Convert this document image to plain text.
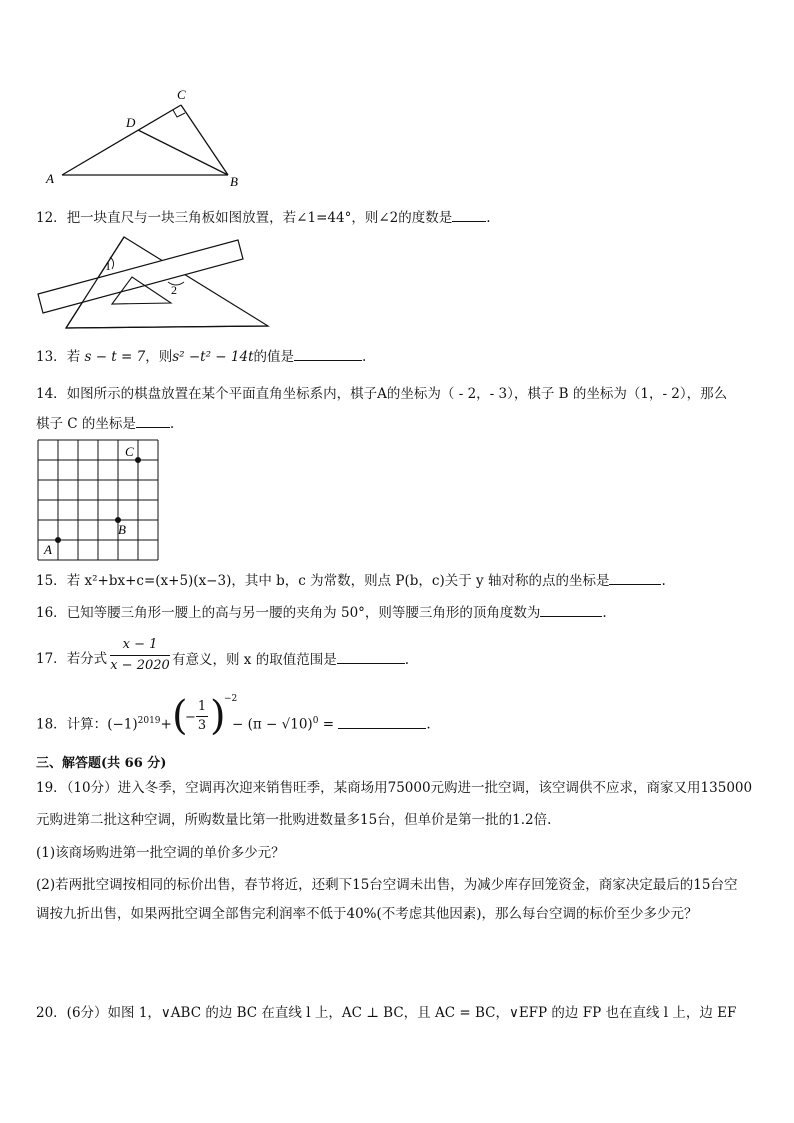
A	B
C
D
12．把一块直尺与一块三角板如图放置，若∠1=44°，则∠2的度数是	.
1
2
13．若 s − t = 7，则s² −t² − 14t的值是	.
14．如图所示的棋盘放置在某个平面直角坐标系内，棋子A的坐标为（ - 2，- 3），棋子 B 的坐标为（1，- 2），那么
棋子 C 的坐标是	.
A
B
C
15．若 x²+bx+c=(x+5)(x−3)，其中 b，c 为常数，则点 P(b，c)关于 y 轴对称的点的坐标是	.
16．已知等腰三角形一腰上的高与另一腰的夹角为 50°，则等腰三角形的顶角度数为	.
17．若分式
x − 1
x − 2020 有意义，则 x 的取值范围是	.
18．计算：$(-1)^{2019}+$ (
−
1
3 )
−2
− $(\pi - √10)^0$ =	.
三、解答题(共 66 分)
19．（10分）进入冬季，空调再次迎来销售旺季，某商场用75000元购进一批空调，该空调供不应求，商家又用135000
元购进第二批这种空调，所购数量比第一批购进数量多15台，但单价是第一批的1.2倍.
(1)该商场购进第一批空调的单价多少元？
(2)若两批空调按相同的标价出售，春节将近，还剩下15台空调未出售，为减少库存回笼资金，商家决定最后的15台空
调按九折出售，如果两批空调全部售完利润率不低于40%(不考虑其他因素)，那么每台空调的标价至少多少元？
20．(6分）如图 1，∨ABC 的边 BC 在直线 l 上，AC ⊥ BC，且 AC = BC，∨EFP 的边 FP 也在直线 l 上，边 EF
